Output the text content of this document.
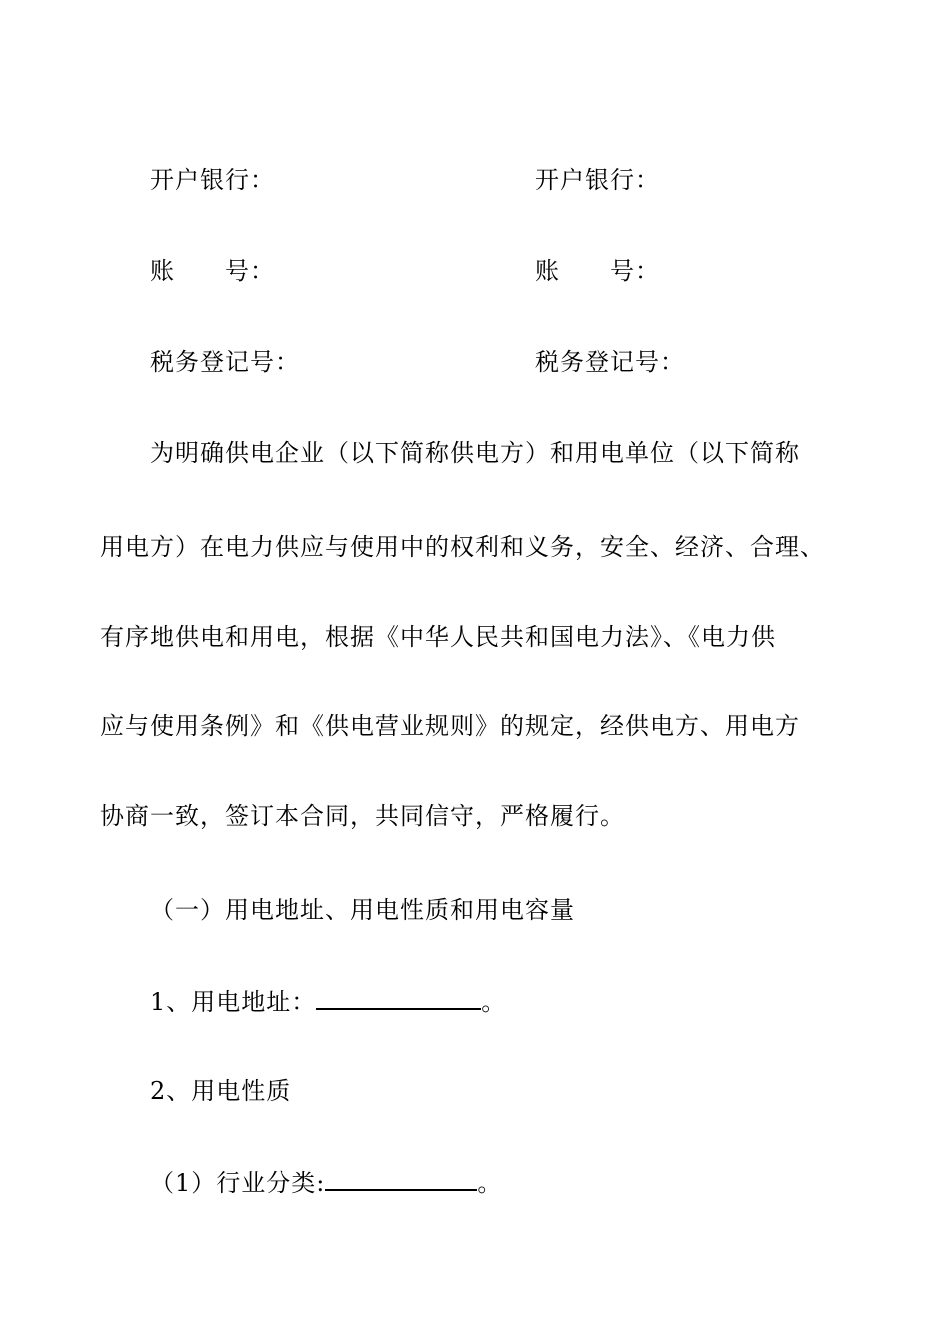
开户银行：	开户银行：
账　　号：	账　　号：
税务登记号：	税务登记号：
为明确供电企业（以下简称供电方）和用电单位（以下简称
用电方）在电力供应与使用中的权利和义务，安全、经济、合理、
有序地供电和用电，根据《中华人民共和国电力法》、《电力供
应与使用条例》和《供电营业规则》的规定，经供电方、用电方
协商一致，签订本合同，共同信守，严格履行。
（一）用电地址、用电性质和用电容量
1、用电地址：	。
2、用电性质
（1）行业分类:	。
